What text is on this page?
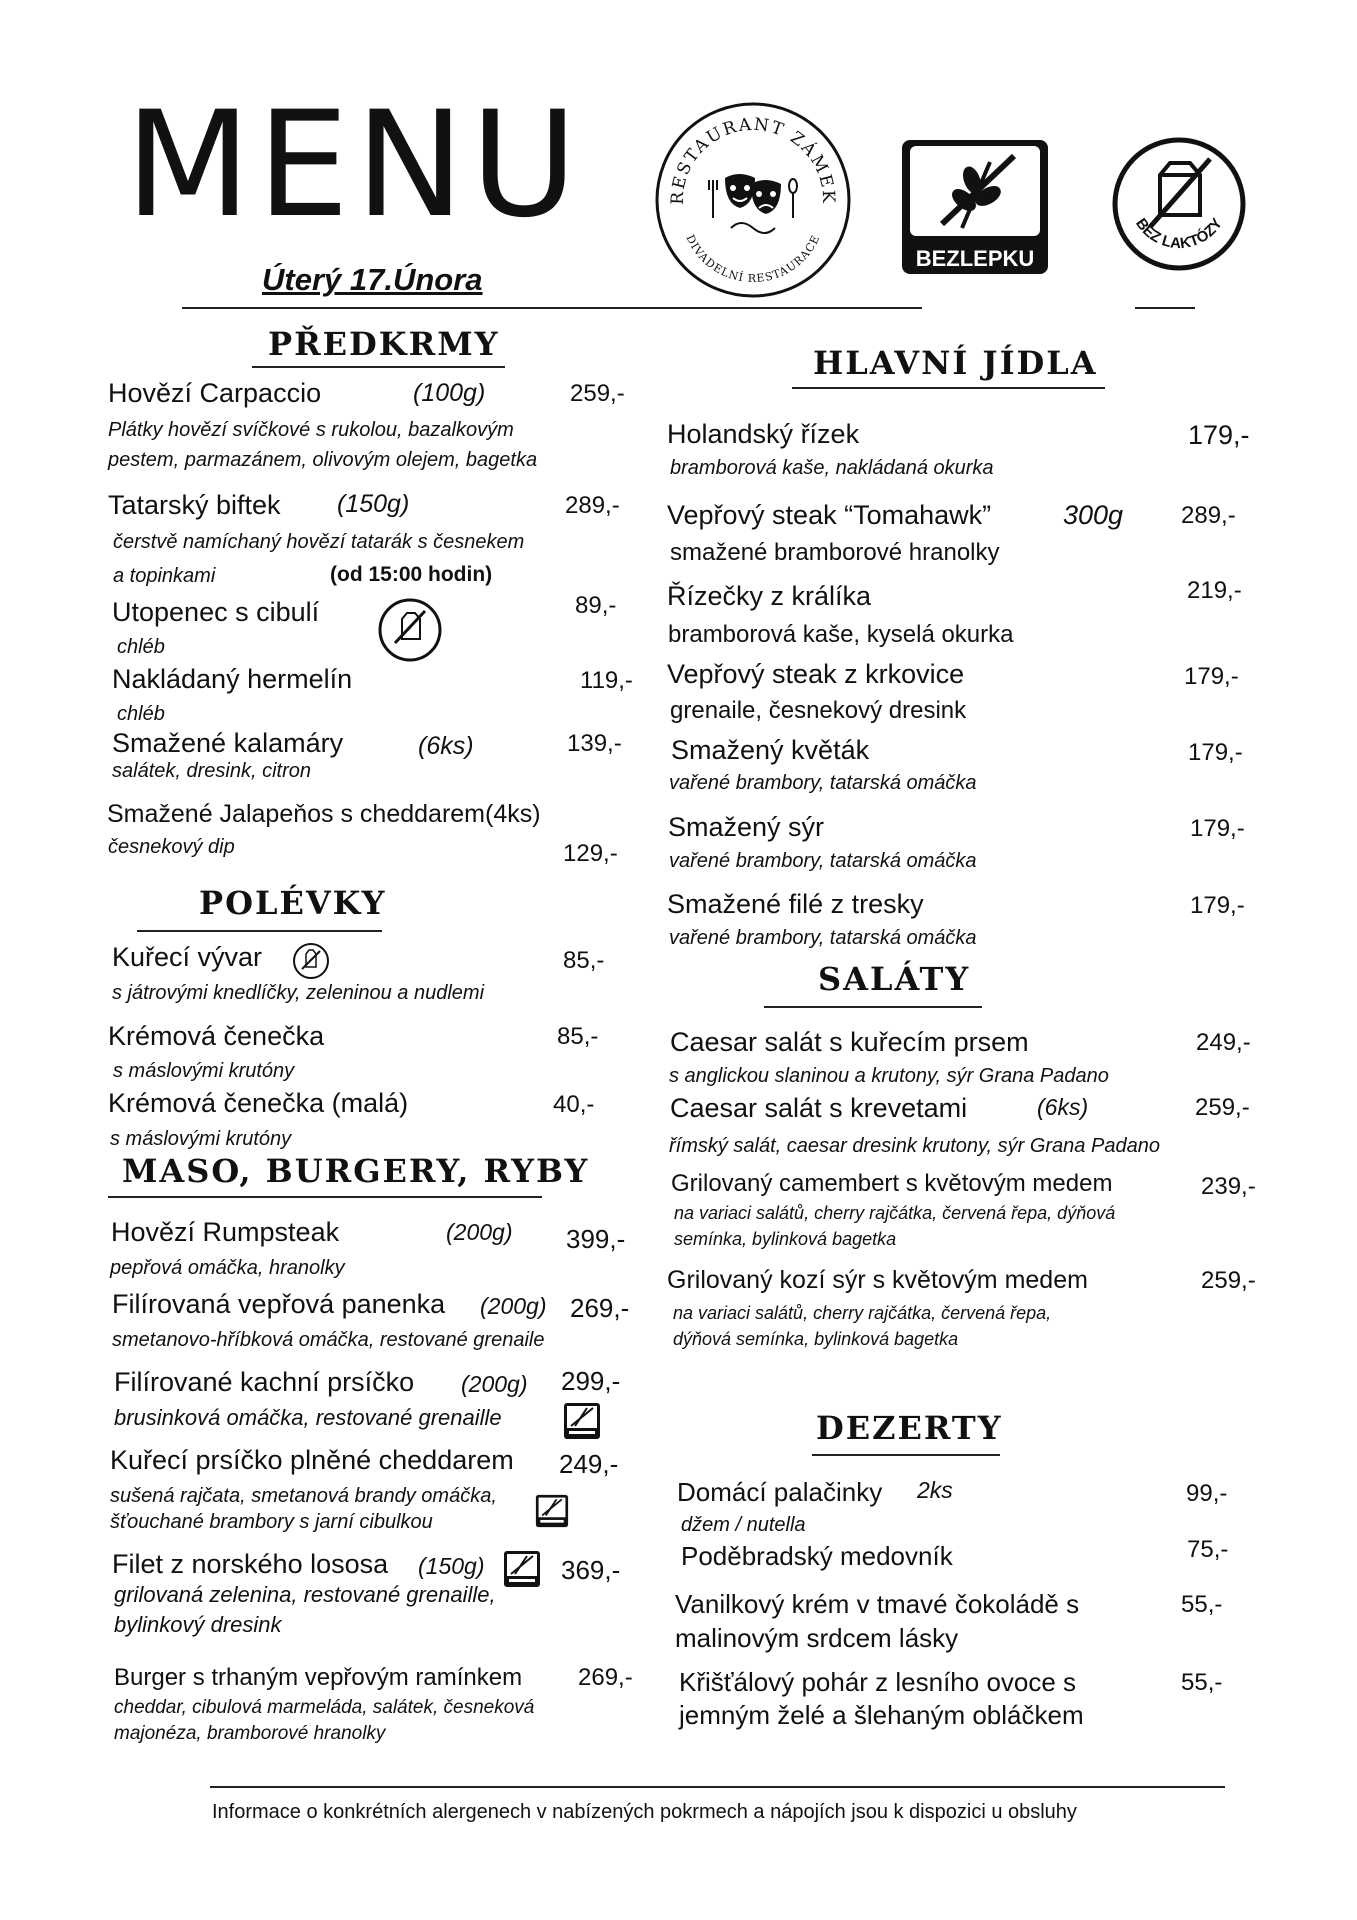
MENU
Úterý 17.Února
RESTAURANT ZÁMEK
DIVADELNÍ RESTAURACE
BEZLEPKU
BEZ LAKTÓZY
PŘEDKRMY
Hovězí Carpaccio	(100g)	259,-
Plátky hovězí svíčkové s rukolou, bazalkovým
pestem, parmazánem, olivovým olejem, bagetka
Tatarský biftek (150g)	289,-
čerstvě namíchaný hovězí tatarák s česnekem
a topinkami	(od 15:00 hodin)
Utopenec s cibulí	89,-
chléb
Nakládaný hermelín	119,-
chléb
Smažené kalamáry	(6ks)	139,-
salátek, dresink, citron
Smažené Jalapeňos s cheddarem(4ks)
česnekový dip	129,-
POLÉVKY
Kuřecí vývar	85,-
s játrovými knedlíčky, zeleninou a nudlemi
Krémová čenečka	85,-
s máslovými krutóny
Krémová čenečka (malá)	40,-
s máslovými krutóny
MASO, BURGERY, RYBY
Hovězí Rumpsteak	(200g) 399,-
pepřová omáčka, hranolky
Filírovaná vepřová panenka (200g) 269,-
smetanovo-hříbková omáčka, restované grenaile
Filírované kachní prsíčko (200g) 299,-
brusinková omáčka, restované grenaille
Kuřecí prsíčko plněné cheddarem 249,-
sušená rajčata, smetanová brandy omáčka,
šťouchané brambory s jarní cibulkou
Filet z norského lososa (150g)	369,-
grilovaná zelenina, restované grenaille,
bylinkový dresink
Burger s trhaným vepřovým ramínkem 269,-
cheddar, cibulová marmeláda, salátek, česneková
majonéza, bramborové hranolky
HLAVNÍ JÍDLA
Holandský řízek	179,-
bramborová kaše, nakládaná okurka
Vepřový steak “Tomahawk”	300g 289,-
smažené bramborové hranolky
Řízečky z králíka	219,-
bramborová kaše, kyselá okurka
Vepřový steak z krkovice	179,-
grenaile, česnekový dresink
Smažený květák	179,-
vařené brambory, tatarská omáčka
Smažený sýr	179,-
vařené brambory, tatarská omáčka
Smažené filé z tresky	179,-
vařené brambory, tatarská omáčka
SALÁTY
Caesar salát s kuřecím prsem	249,-
s anglickou slaninou a krutony, sýr Grana Padano
Caesar salát s krevetami	(6ks)	259,-
římský salát, caesar dresink krutony, sýr Grana Padano
Grilovaný camembert s květovým medem	239,-
na variaci salátů, cherry rajčátka, červená řepa, dýňová
semínka, bylinková bagetka
Grilovaný kozí sýr s květovým medem	259,-
na variaci salátů, cherry rajčátka, červená řepa,
dýňová semínka, bylinková bagetka
DEZERTY
Domácí palačinky 2ks	99,-
džem / nutella
Poděbradský medovník	75,-
Vanilkový krém v tmavé čokoládě s
malinovým srdcem lásky
55,-
Křišťálový pohár z lesního ovoce s
jemným želé a šlehaným obláčkem
55,-
Informace o konkrétních alergenech v nabízených pokrmech a nápojích jsou k dispozici u obsluhy
